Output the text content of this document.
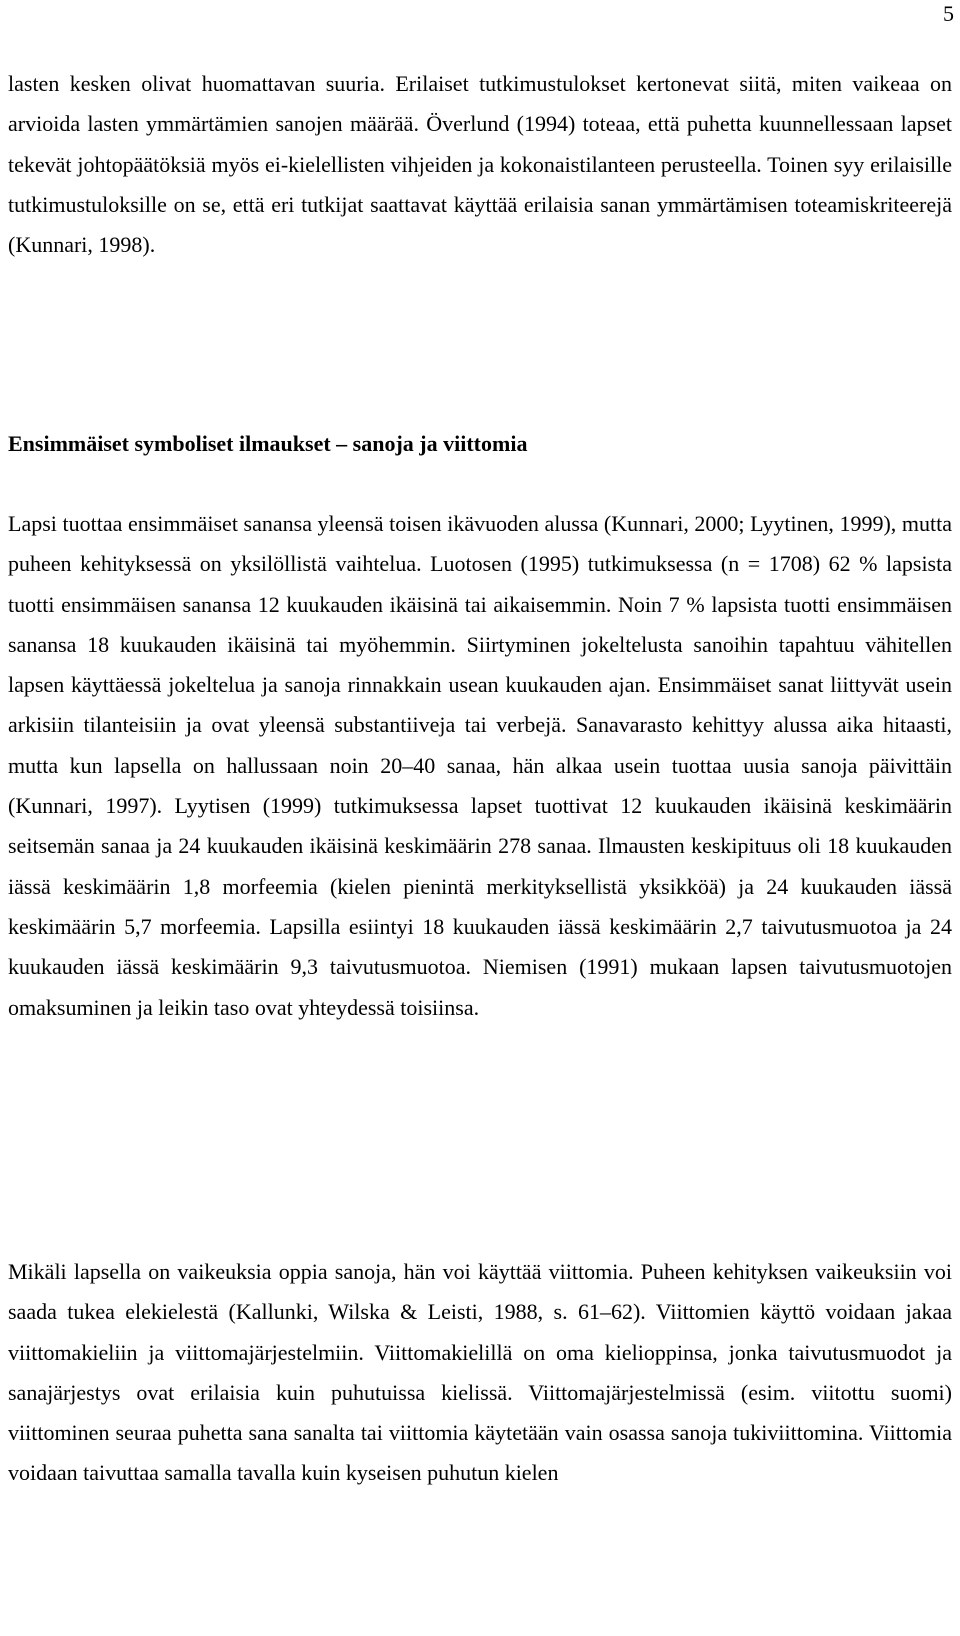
5

lasten kesken olivat huomattavan suuria. Erilaiset tutkimustulokset kertonevat siitä, miten vaikeaa on arvioida lasten ymmärtämien sanojen määrää. Överlund (1994) toteaa, että puhetta kuunnellessaan lapset tekevät johtopäätöksiä myös ei-kielellisten vihjeiden ja kokonaistilanteen perusteella. Toinen syy erilaisille tutkimustuloksille on se, että eri tutkijat saattavat käyttää erilaisia sanan ymmärtämisen toteamiskriteerejä (Kunnari, 1998).

Ensimmäiset symboliset ilmaukset – sanoja ja viittomia

Lapsi tuottaa ensimmäiset sanansa yleensä toisen ikävuoden alussa (Kunnari, 2000; Lyytinen, 1999), mutta puheen kehityksessä on yksilöllistä vaihtelua. Luotosen (1995) tutkimuksessa (n = 1708) 62 % lapsista tuotti ensimmäisen sanansa 12 kuukauden ikäisinä tai aikaisemmin. Noin 7 % lapsista tuotti ensimmäisen sanansa 18 kuukauden ikäisinä tai myöhemmin. Siirtyminen jokeltelusta sanoihin tapahtuu vähitellen lapsen käyttäessä jokeltelua ja sanoja rinnakkain usean kuukauden ajan. Ensimmäiset sanat liittyvät usein arkisiin tilanteisiin ja ovat yleensä substantiiveja tai verbejä. Sanavarasto kehittyy alussa aika hitaasti, mutta kun lapsella on hallussaan noin 20–40 sanaa, hän alkaa usein tuottaa uusia sanoja päivittäin (Kunnari, 1997). Lyytisen (1999) tutkimuksessa lapset tuottivat 12 kuukauden ikäisinä keskimäärin seitsemän sanaa ja 24 kuukauden ikäisinä keskimäärin 278 sanaa. Ilmausten keskipituus oli 18 kuukauden iässä keskimäärin 1,8 morfeemia (kielen pienintä merkityksellistä yksikköä) ja 24 kuukauden iässä keskimäärin 5,7 morfeemia. Lapsilla esiintyi 18 kuukauden iässä keskimäärin 2,7 taivutusmuotoa ja 24 kuukauden iässä keskimäärin 9,3 taivutusmuotoa. Niemisen (1991) mukaan lapsen taivutusmuotojen omaksuminen ja leikin taso ovat yhteydessä toisiinsa.

Mikäli lapsella on vaikeuksia oppia sanoja, hän voi käyttää viittomia. Puheen kehityksen vaikeuksiin voi saada tukea elekielestä (Kallunki, Wilska & Leisti, 1988, s. 61–62). Viittomien käyttö voidaan jakaa viittomakieliin ja viittomajärjestelmiin. Viittomakielillä on oma kielioppinsa, jonka taivutusmuodot ja sanajärjestys ovat erilaisia kuin puhutuissa kielissä. Viittomajärjestelmissä (esim. viitottu suomi) viittominen seuraa puhetta sana sanalta tai viittomia käytetään vain osassa sanoja tukiviittomina. Viittomia voidaan taivuttaa samalla tavalla kuin kyseisen puhutun kielen
